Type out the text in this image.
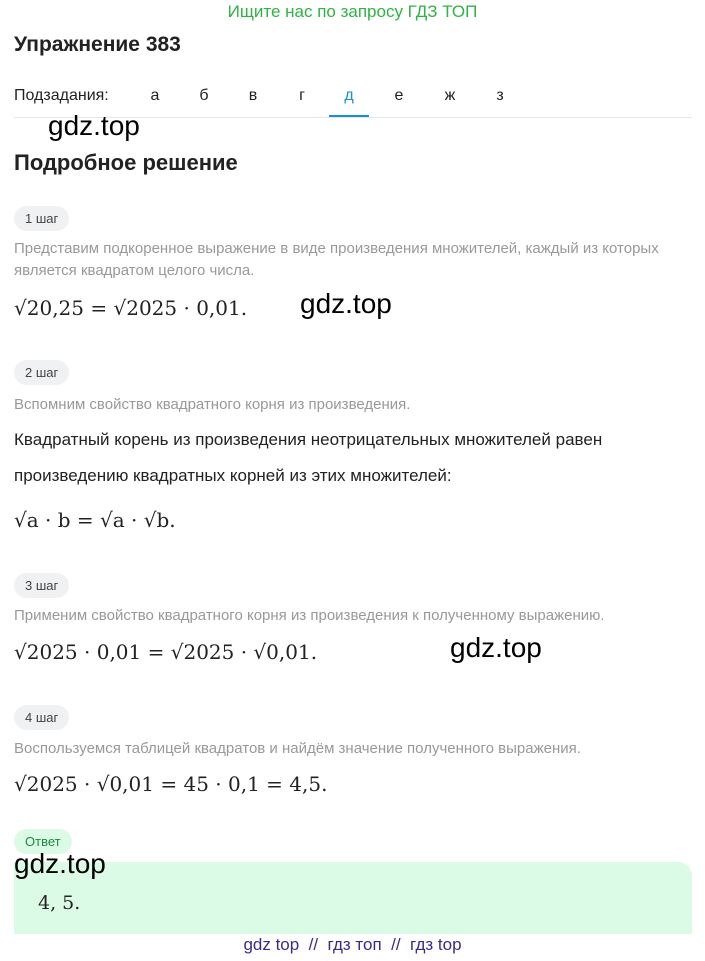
Ищите нас по запросу ГДЗ ТОП
Упражнение 383
Подзадания:	а	б	в	г	д	е	ж	з
gdz.top
Подробное решение
1 шаг
Представим подкоренное выражение в виде произведения множителей, каждый из которых является квадратом целого числа.
√20,25 = √2025 · 0,01. gdz.top
2 шаг
Вспомним свойство квадратного корня из произведения.
Квадратный корень из произведения неотрицательных множителей равен произведению квадратных корней из этих множителей:
√a · b = √a · √b.
3 шаг
Применим свойство квадратного корня из произведения к полученному выражению.
√2025 · 0,01 = √2025 · √0,01.	gdz.top
4 шаг
Воспользуемся таблицей квадратов и найдём значение полученного выражения.
√2025 · √0,01 = 45 · 0,1 = 4,5.
4, 5.
Ответ
gdz.top
gdz top  //  гдз топ  //  гдз top
